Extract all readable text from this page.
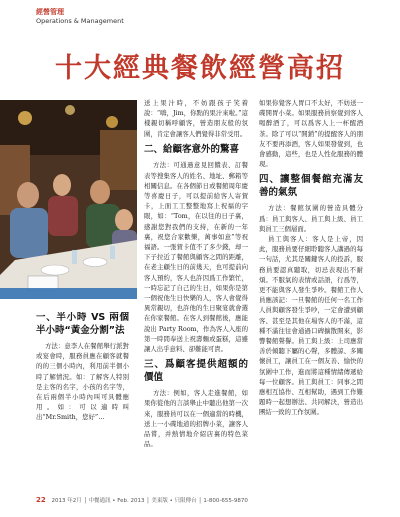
經營管理
Operations & Management
十大經典餐飲經營高招
一、半小時 VS 兩個半小時“黃金分割”法

方法：意李人在餐館舉行派對或宴會時，服務員應在顧客就餐的的三個小時內，利用前半個小時了解情況。如：了解客人特別是主客的名字，小孩的名字等，在后兩個半小時內叫可具體應用。如：可以適時叫出“Mr.Smith，您好”…

送上果汁時，不妨跟孩子笑着說：“嗨，Jim，你點的果汁來啦。”這樣親切稱呼顧客，營造朋友般的氛圍，肯定會讓客人們覺得非常受用。

二、給顧客意外的驚喜

方法：可通過意見回饋表、訂餐表等搜集客人的姓名、地址、郵箱等相關信息。在各個節日或餐館周年慶等喜慶日子，可以提前給客人寄賀卡，上面工工整整地寫上祝福的字眼，如：“Tom，在以往的日子裏，感謝您對我們的支持，在新的一年裏，祝您合家歡樂，萬事如意”等祝福語。一張賀卡值不了多少錢，却一下子拉近了餐館與顧客之間的距離，在老主顧生日的前幾天，也可提前向客人預約，客人也許因爲工作繁忙，一時忘記了自己的生日，如果你是第一個祝他生日快樂的人，客人會覺得異常親切，也許他的生日聚宴就會選在你家餐館。在客人到餐館後，應能說出 Party Room，作為客人入座的第一時間奉送上祝壽麵或蛋糕，這雖讓人出乎意料、卻難能可貴。

三、爲顧客提供超額的價值

方法：例如，客人走進餐館，如果你從他的言談舉止中聽出他第一次來，服務員可以在一個適當的時機，送上一小碟地道的招牌小菜，讓客人品嘗，并熱情地介紹店裏的特色菜品。

如果你覺客人胃口不太好，不妨送一碟開胃小菜。如果服務員察覺到客人喝醉酒了，可以爲客人上一杯醒酒茶。除了可以“開銷”的提醒客人的朋友不要再添酒，客人如果發覺到，也會感動，這些，也是人性化服務的體現。

四、讓整個餐館充滿友善的氣氛

方法：餐館氛圍的營造具體分爲：員工與客人、員工與上級、員工與員工三個層面。

員工與客人：客人是上帝，因此，服務員要仔細聆聽客人講過的每一句話，尤其是關鍵客人的投訴，服務員要認真聽取，切忌表現出不耐煩。不服氣的表情或話語，行爲等，更不能與客人發生爭吵。餐館工作人員應該記：一旦餐館的任何一名工作人員與顧客發生爭吵，一定會遭到顧客、甚至是其他在場客人的不滿，這種不滿往往會通過口碑擴散開來，影響餐館聲譽。員工與上級：上司應當善於傾聽下屬的心聲，多體諒、多關懷員工，讓員工在一個友善、愉快的氛圍中工作，進而將這種情緒傳遞給每一位顧客。員工與員工：同事之間應相互協作、互相幫助，遇到工作難題時一起想辦法、共同解決，營造出團結一致的工作氛圍。

22 2013 年2月 │ 中餐通訊 • Feb. 2013 │ 美東版 • 只限傳台 │ 1-800-655-9870
